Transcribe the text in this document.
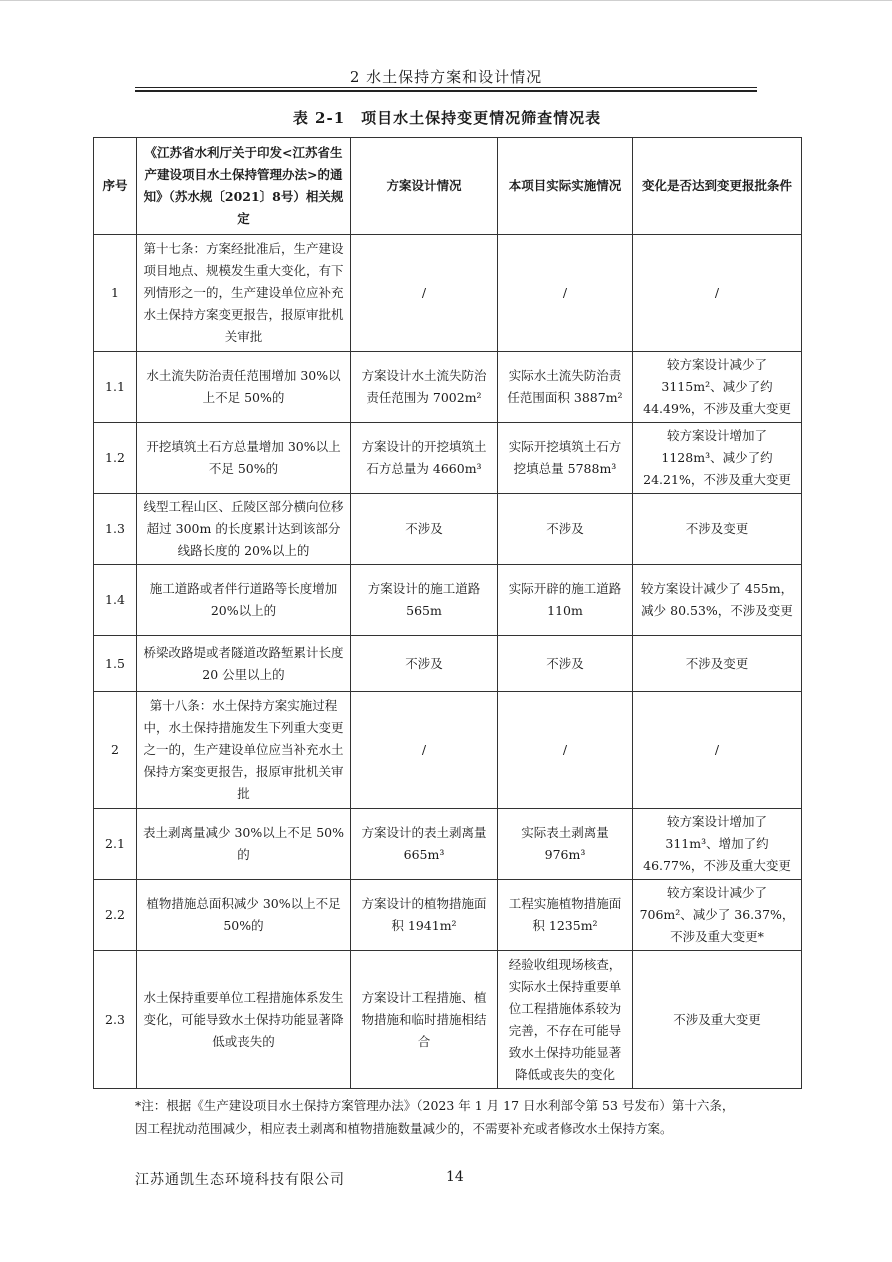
2 水土保持方案和设计情况
表 2-1　项目水土保持变更情况筛查情况表
序号	《江苏省水利厅关于印发<江苏省生产建设项目水土保持管理办法>的通知》（苏水规〔2021〕8号）相关规定	方案设计情况	本项目实际实施情况	变化是否达到变更报批条件
1	第十七条：方案经批准后，生产建设项目地点、规模发生重大变化，有下列情形之一的，生产建设单位应补充水土保持方案变更报告，报原审批机关审批	/	/	/
1.1	水土流失防治责任范围增加 30%以上不足 50%的	方案设计水土流失防治责任范围为 7002m²	实际水土流失防治责任范围面积 3887m²	较方案设计减少了 3115m²、减少了约 44.49%，不涉及重大变更
1.2	开挖填筑土石方总量增加 30%以上不足 50%的	方案设计的开挖填筑土石方总量为 4660m³	实际开挖填筑土石方挖填总量 5788m³	较方案设计增加了 1128m³、减少了约 24.21%，不涉及重大变更
1.3	线型工程山区、丘陵区部分横向位移超过 300m 的长度累计达到该部分线路长度的 20%以上的	不涉及	不涉及	不涉及变更
1.4	施工道路或者伴行道路等长度增加 20%以上的	方案设计的施工道路 565m	实际开辟的施工道路 110m	较方案设计减少了 455m，减少 80.53%，不涉及变更
1.5	桥梁改路堤或者隧道改路堑累计长度 20 公里以上的	不涉及	不涉及	不涉及变更
2	第十八条：水土保持方案实施过程中，水土保持措施发生下列重大变更之一的，生产建设单位应当补充水土保持方案变更报告，报原审批机关审批	/	/	/
2.1	表土剥离量减少 30%以上不足 50%的	方案设计的表土剥离量 665m³	实际表土剥离量 976m³	较方案设计增加了 311m³、增加了约 46.77%，不涉及重大变更
2.2	植物措施总面积减少 30%以上不足 50%的	方案设计的植物措施面积 1941m²	工程实施植物措施面积 1235m²	较方案设计减少了 706m²、减少了 36.37%，不涉及重大变更*
2.3	水土保持重要单位工程措施体系发生变化，可能导致水土保持功能显著降低或丧失的	方案设计工程措施、植物措施和临时措施相结合	经验收组现场核查，实际水土保持重要单位工程措施体系较为完善，不存在可能导致水土保持功能显著降低或丧失的变化	不涉及重大变更
*注：根据《生产建设项目水土保持方案管理办法》（2023 年 1 月 17 日水利部令第 53 号发布）第十六条，
因工程扰动范围减少，相应表土剥离和植物措施数量减少的，不需要补充或者修改水土保持方案。
江苏通凯生态环境科技有限公司	14
